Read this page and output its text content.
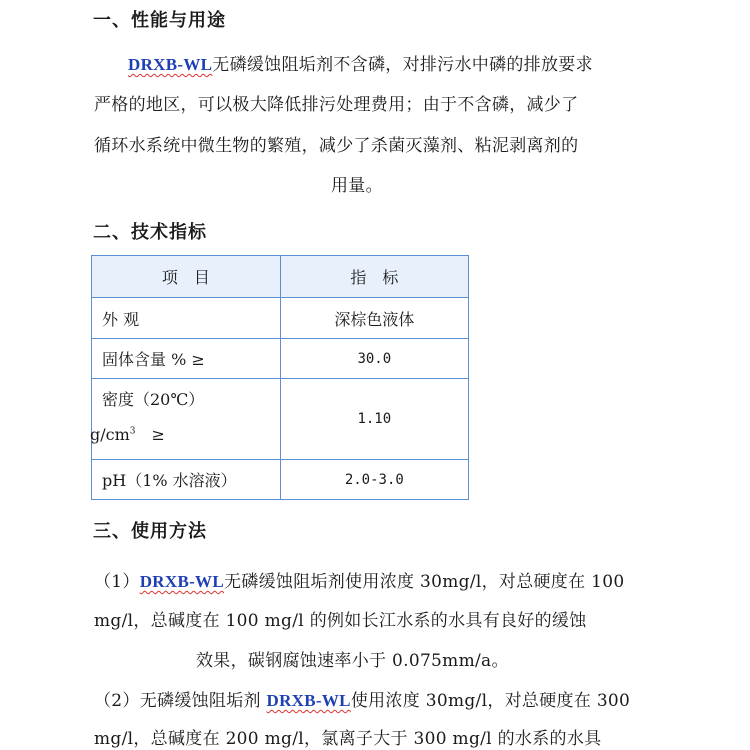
一、性能与用途
DRXB-WL无磷缓蚀阻垢剂不含磷，对排污水中磷的排放要求
严格的地区，可以极大降低排污处理费用；由于不含磷，减少了
循环水系统中微生物的繁殖，减少了杀菌灭藻剂、粘泥剥离剂的
用量。
二、技术指标
项　目	指　标
外 观	深棕色液体
固体含量 % ≥	30.0

密度（20℃）
$g/cm^3$　≥	1.10
pH（1% 水溶液）	2.0-3.0
三、使用方法
（1）DRXB-WL无磷缓蚀阻垢剂使用浓度 30mg/l，对总硬度在 100
mg/l，总碱度在 100 mg/l 的例如长江水系的水具有良好的缓蚀
效果，碳钢腐蚀速率小于 0.075mm/a。
（2）无磷缓蚀阻垢剂 DRXB-WL使用浓度 30mg/l，对总硬度在 300
mg/l，总碱度在 200 mg/l，氯离子大于 300 mg/l 的水系的水具
